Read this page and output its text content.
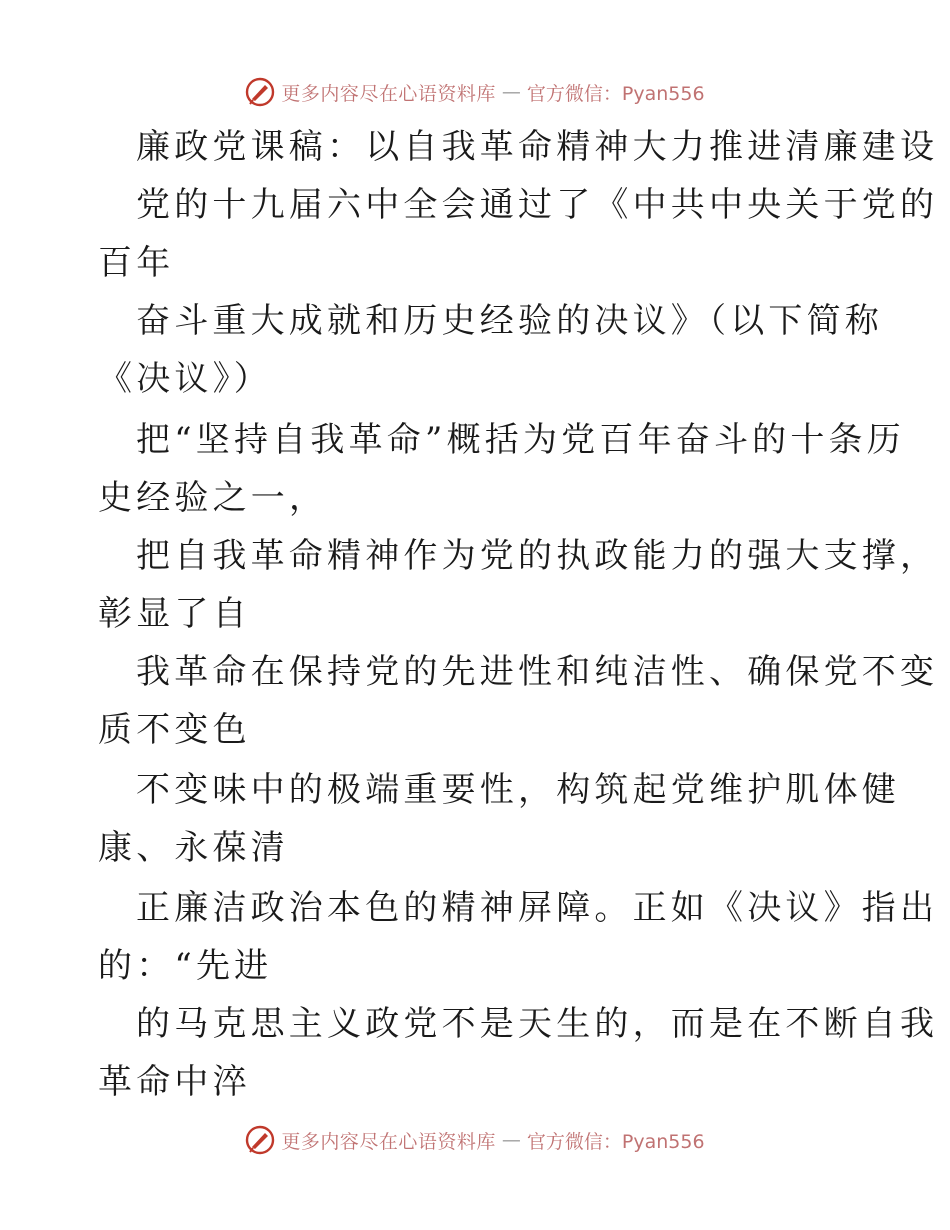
更多内容尽在心语资料库 — 官方微信：Pyan556
廉政党课稿：以自我革命精神大力推进清廉建设
党的十九届六中全会通过了《中共中央关于党的
百年
奋斗重大成就和历史经验的决议》（以下简称
《决议》）
把“坚持自我革命”概括为党百年奋斗的十条历
史经验之一，
把自我革命精神作为党的执政能力的强大支撑，
彰显了自
我革命在保持党的先进性和纯洁性、确保党不变
质不变色
不变味中的极端重要性，构筑起党维护肌体健
康、永葆清
正廉洁政治本色的精神屏障。正如《决议》指出
的：“先进
的马克思主义政党不是天生的，而是在不断自我
革命中淬
更多内容尽在心语资料库 — 官方微信：Pyan556
